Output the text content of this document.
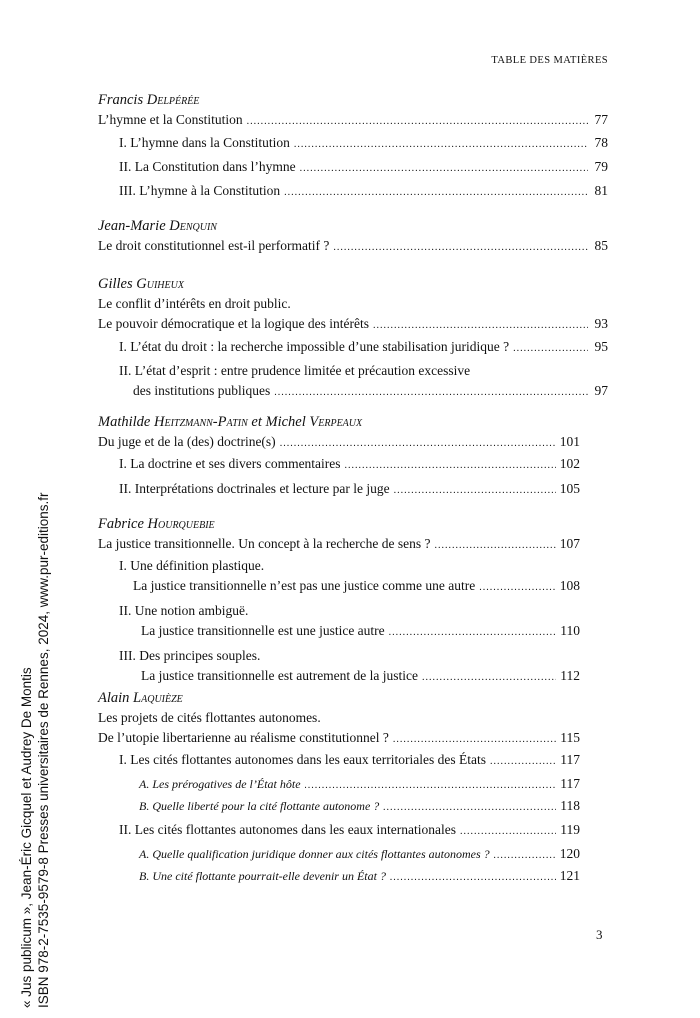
TABLE DES MATIÈRES
« Jus publicum », Jean-Éric Gicquel et Audrey De Montis ISBN 978-2-7535-9579-8 Presses universitaires de Rennes, 2024, www.pur-editions.fr
Francis Delpérée
L’hymne et la Constitution .....	77
I. L’hymne dans la Constitution .....	78
II. La Constitution dans l’hymne .....	79
III. L’hymne à la Constitution .....	81
Jean-Marie Denquin
Le droit constitutionnel est-il performatif ? .....	85
Gilles Guiheux
Le conflit d’intérêts en droit public.
Le pouvoir démocratique et la logique des intérêts .....	93
I. L’état du droit : la recherche impossible d’une stabilisation juridique ? .....	95
II. L’état d’esprit : entre prudence limitée et précaution excessive
des institutions publiques .....	97
Mathilde Heitzmann-Patin et Michel Verpeaux
Du juge et de la (des) doctrine(s) .....	101
I. La doctrine et ses divers commentaires .....	102
II. Interprétations doctrinales et lecture par le juge .....	105
Fabrice Hourquebie
La justice transitionnelle. Un concept à la recherche de sens ? .....	107
I. Une définition plastique.
La justice transitionnelle n’est pas une justice comme une autre .....	108
II. Une notion ambiguë.
La justice transitionnelle est une justice autre .....	110
III. Des principes souples.
La justice transitionnelle est autrement de la justice .....	112
Alain Laquièze
Les projets de cités flottantes autonomes.
De l’utopie libertarienne au réalisme constitutionnel ? .....	115
I. Les cités flottantes autonomes dans les eaux territoriales des États .....	117
A. Les prérogatives de l’État hôte .....	117
B. Quelle liberté pour la cité flottante autonome ? .....	118
II. Les cités flottantes autonomes dans les eaux internationales .....	119
A. Quelle qualification juridique donner aux cités flottantes autonomes ? .....	120
B. Une cité flottante pourrait-elle devenir un État ? .....	121
3
